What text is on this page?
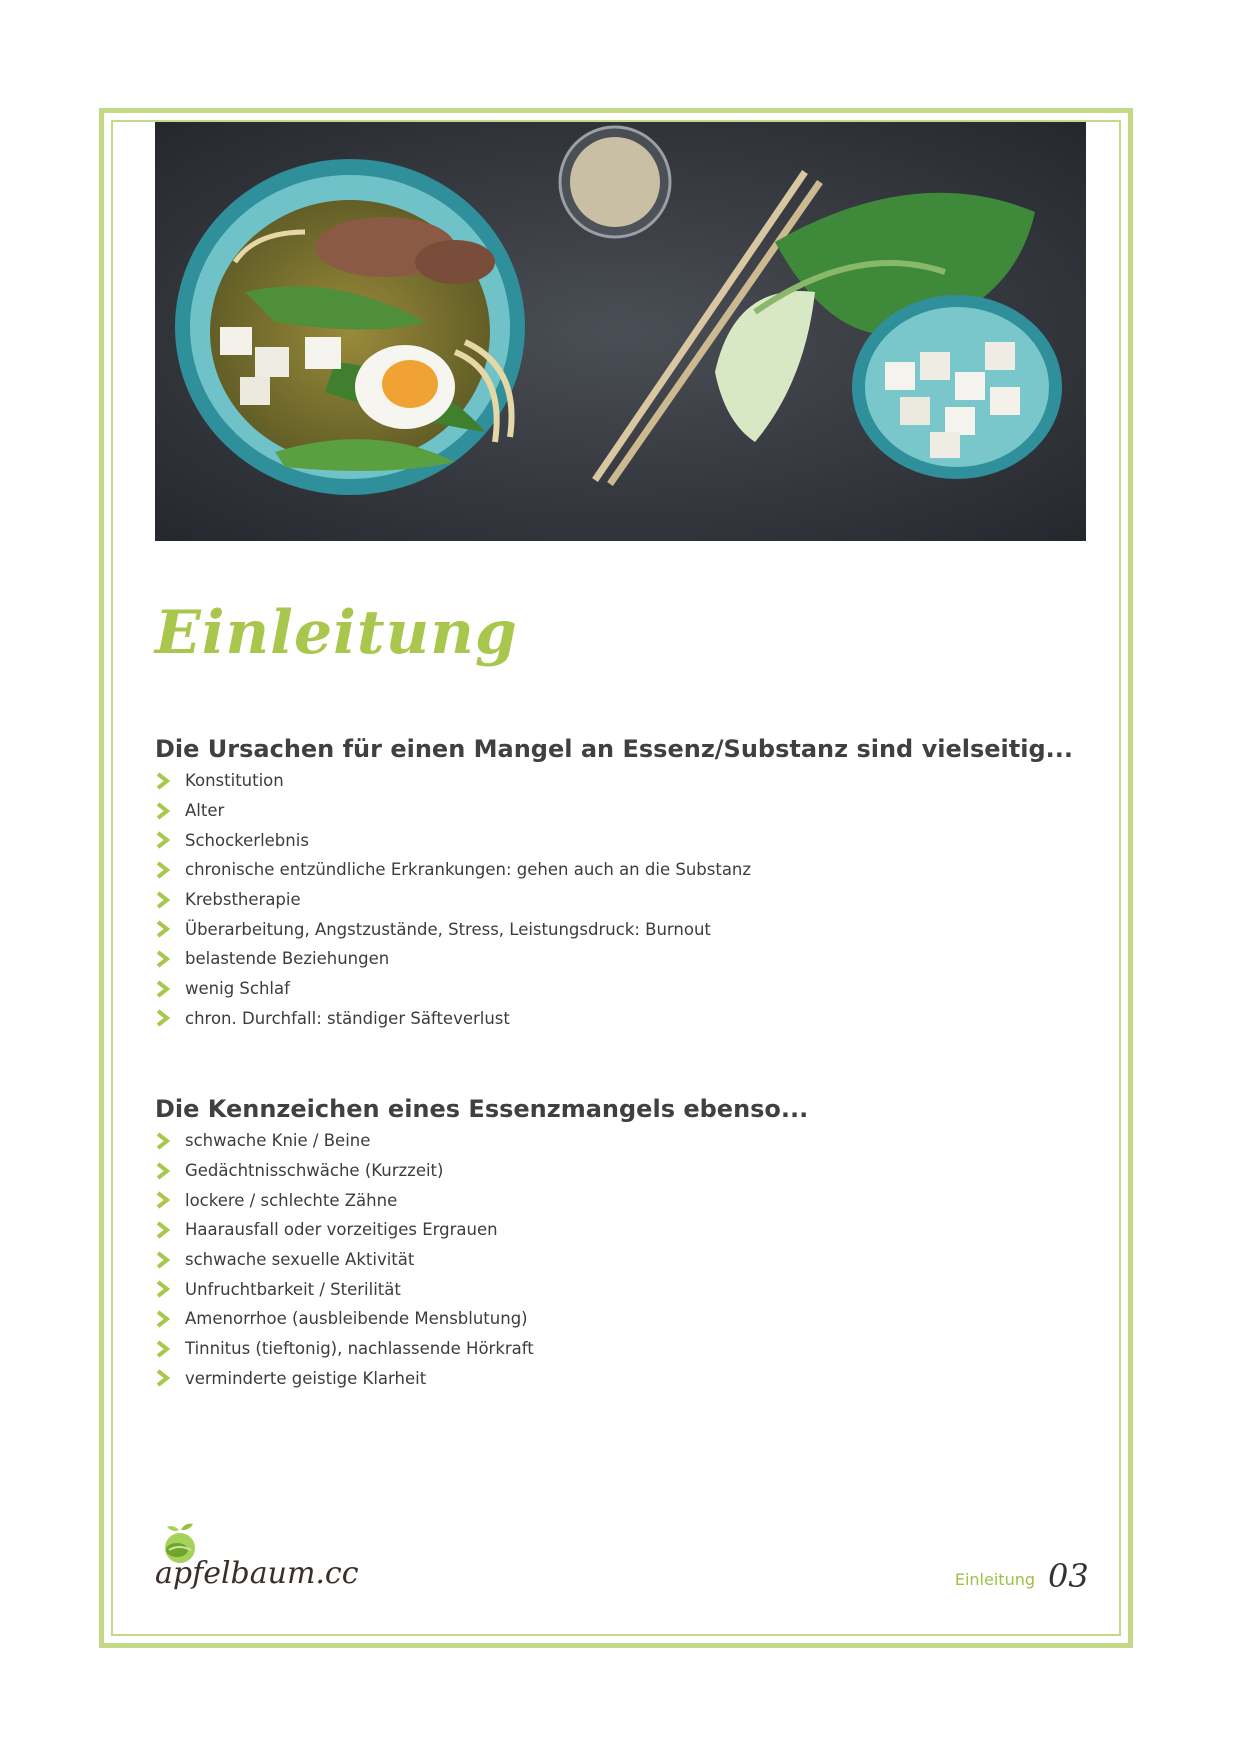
Einleitung
Die Ursachen für einen Mangel an Essenz/Substanz sind vielseitig...
Konstitution
Alter
Schockerlebnis
chronische entzündliche Erkrankungen: gehen auch an die Substanz
Krebstherapie
Überarbeitung, Angstzustände, Stress, Leistungsdruck: Burnout
belastende Beziehungen
wenig Schlaf
chron. Durchfall: ständiger Säfteverlust
Die Kennzeichen eines Essenzmangels ebenso...
schwache Knie / Beine
Gedächtnisschwäche (Kurzzeit)
lockere / schlechte Zähne
Haarausfall oder vorzeitiges Ergrauen
schwache sexuelle Aktivität
Unfruchtbarkeit / Sterilität
Amenorrhoe (ausbleibende Mensblutung)
Tinnitus (tieftonig), nachlassende Hörkraft
verminderte geistige Klarheit
apfelbaum.cc	Einleitung 03
